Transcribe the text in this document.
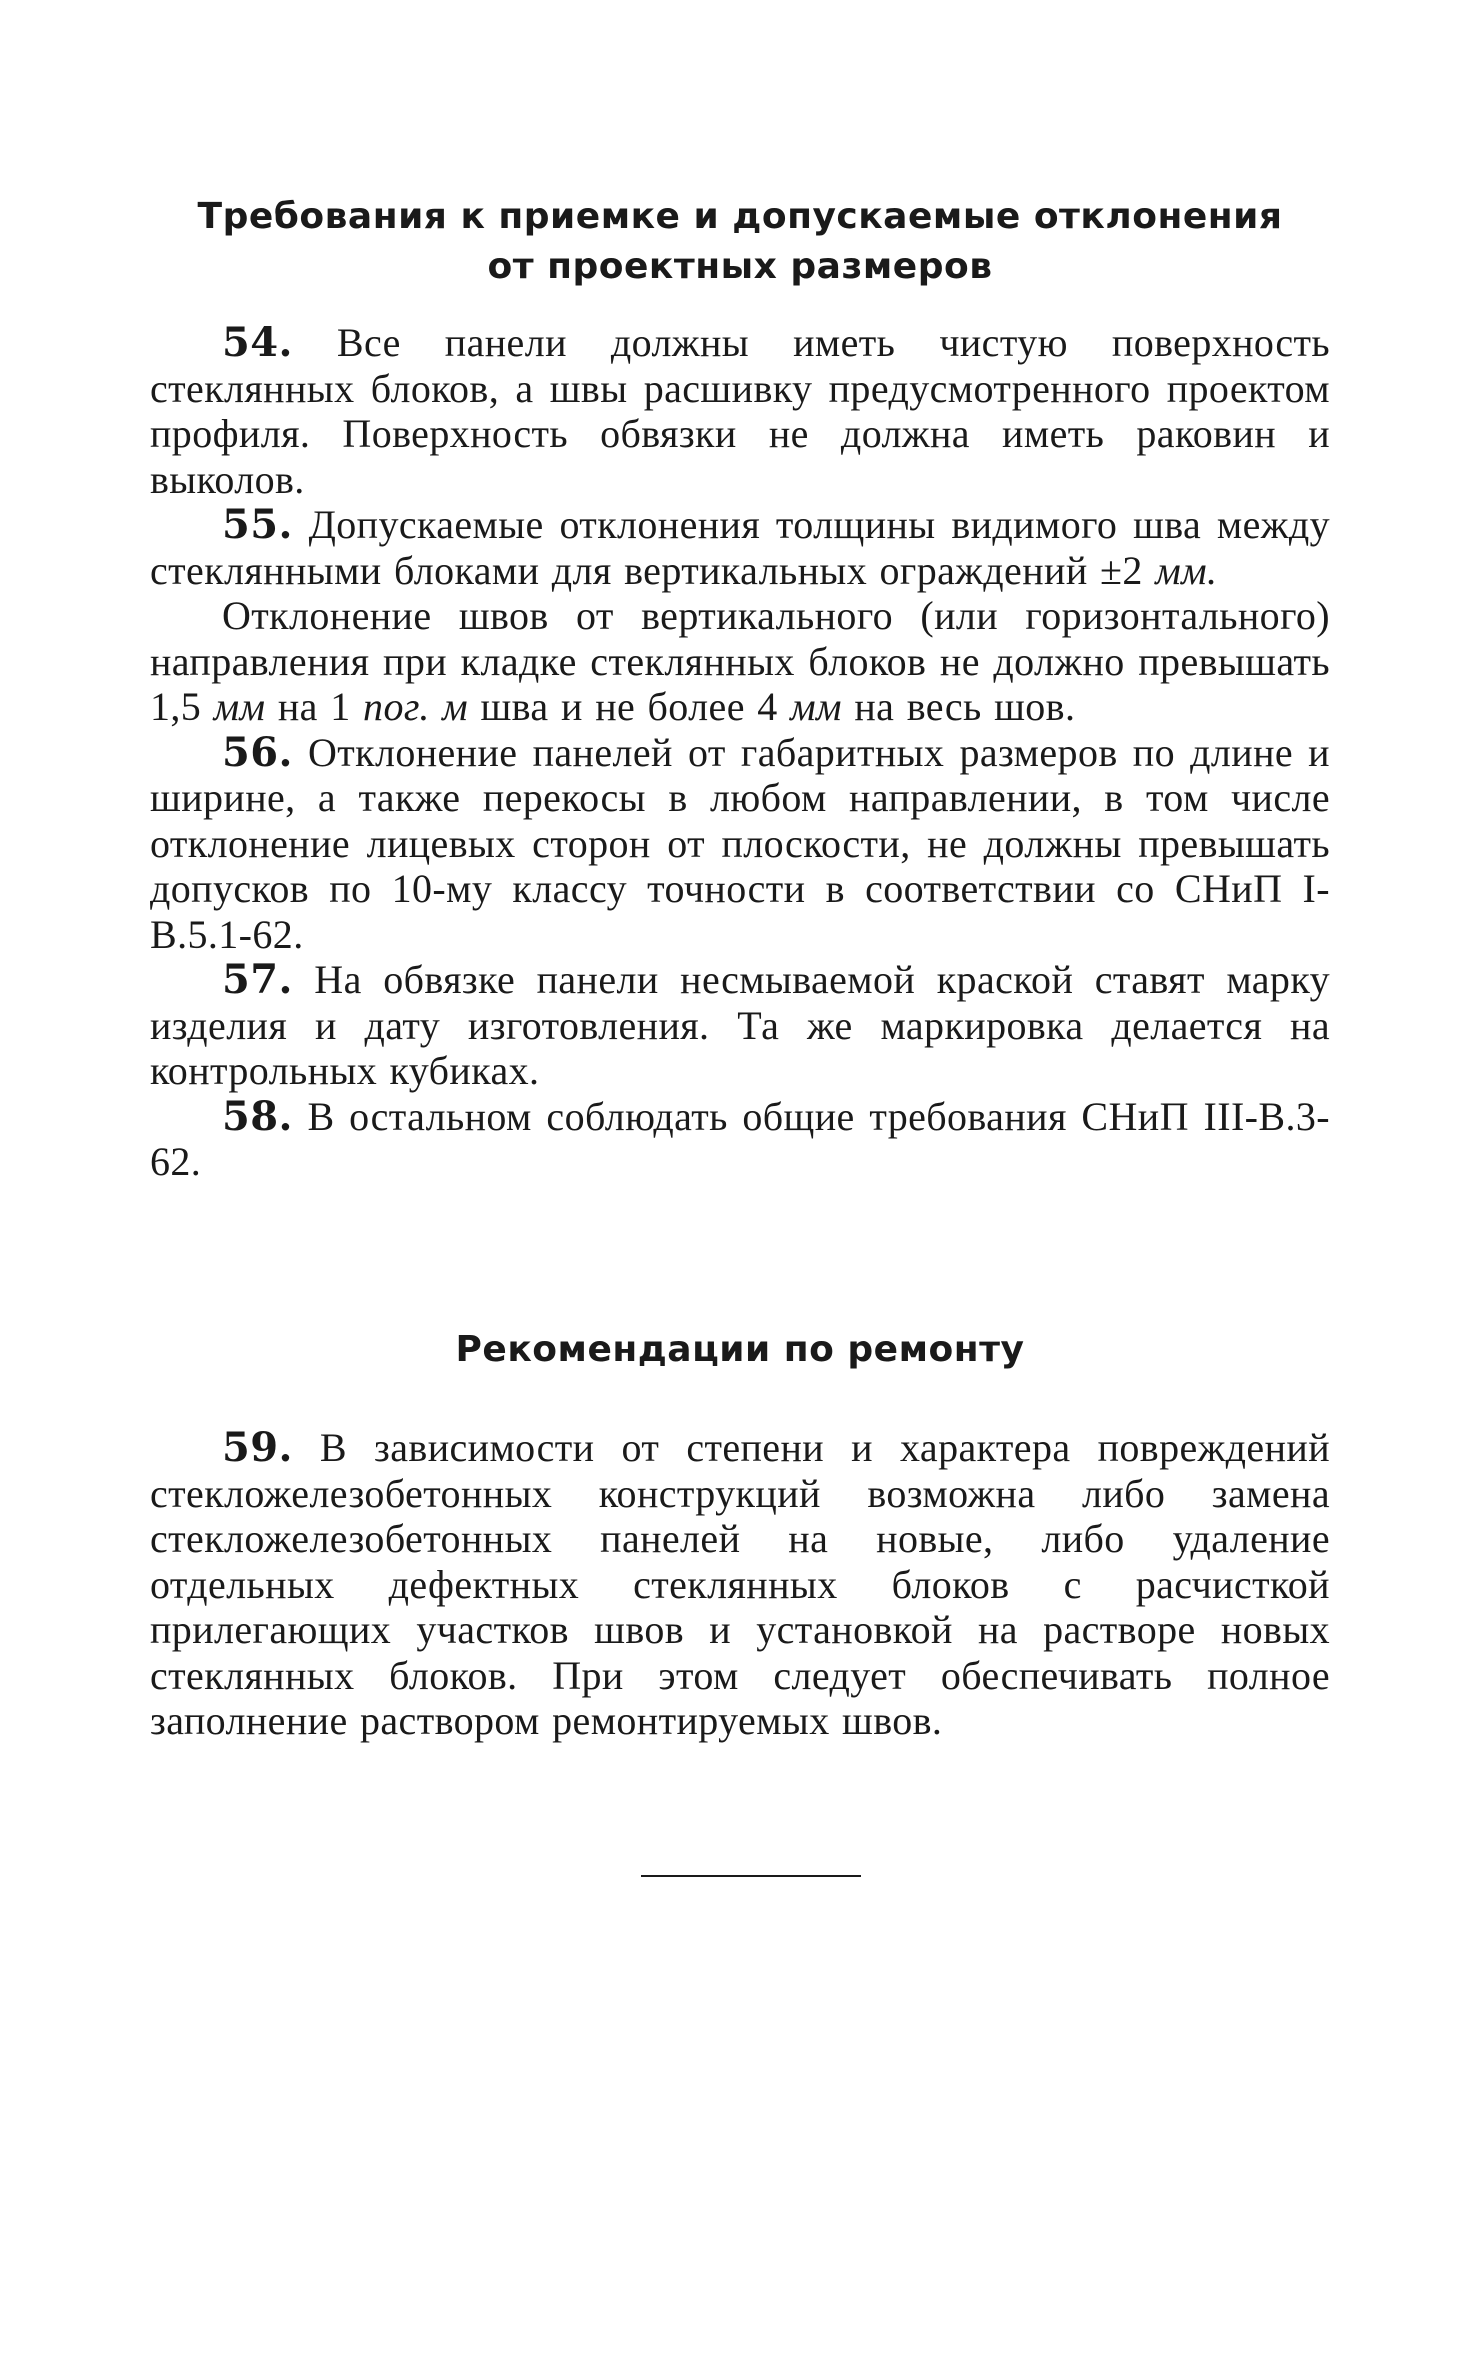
Требования к приемке и допускаемые отклонения
от проектных размеров

54. Все панели должны иметь чистую поверхность стеклянных блоков, а швы расшивку предусмотренного проектом профиля. Поверхность обвязки не должна иметь раковин и выколов.

55. Допускаемые отклонения толщины видимого шва между стеклянными блоками для вертикальных ограждений ±2 мм.

Отклонение швов от вертикального (или горизонтального) направления при кладке стеклянных блоков не должно превышать 1,5 мм на 1 пог. м шва и не более 4 мм на весь шов.

56. Отклонение панелей от габаритных размеров по длине и ширине, а также перекосы в любом направлении, в том числе отклонение лицевых сторон от плоскости, не должны превышать допусков по 10-му классу точности в соответствии со СНиП I-В.5.1-62.

57. На обвязке панели несмываемой краской ставят марку изделия и дату изготовления. Та же маркировка делается на контрольных кубиках.

58. В остальном соблюдать общие требования СНиП III-В.3-62.

Рекомендации по ремонту

59. В зависимости от степени и характера повреждений стекложелезобетонных конструкций возможна либо замена стекложелезобетонных панелей на новые, либо удаление отдельных дефектных стеклянных блоков с расчисткой прилегающих участков швов и установкой на растворе новых стеклянных блоков. При этом следует обеспечивать полное заполнение раствором ремонтируемых швов.
